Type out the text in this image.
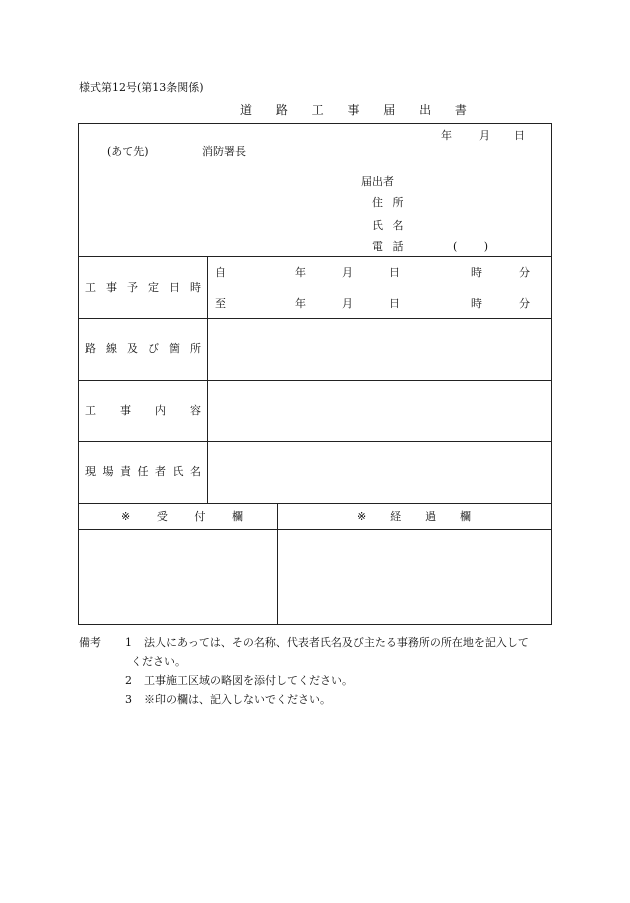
様式第12号(第13条関係)
道 路 工 事 届 出 書
年 月 日
(あて先)	消防署長
届出者
住 所
氏 名
電 話	(　 )
工 事 予 定 日 時
自	年	月	日	時	分
至	年	月	日	時	分
路 線 及 び 箇 所
工 事 内 容
現 場 責 任 者 氏 名
※ 受 付 欄	※ 経 過 欄
備考 1 法人にあっては、その名称、代表者氏名及び主たる事務所の所在地を記入して
ください。
2 工事施工区域の略図を添付してください。
3 ※印の欄は、記入しないでください。
